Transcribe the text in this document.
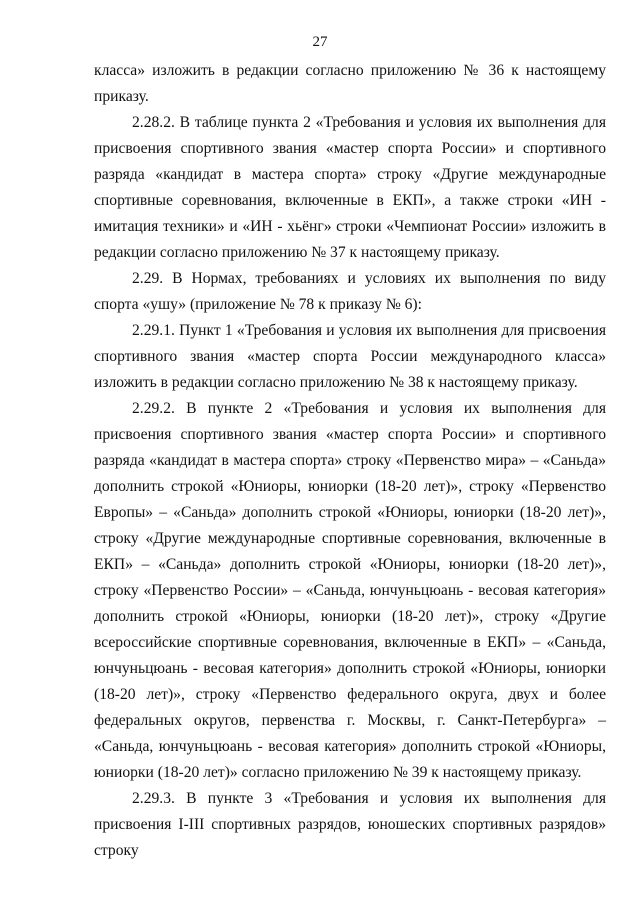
27

класса» изложить в редакции согласно приложению № 36 к настоящему приказу.

2.28.2. В таблице пункта 2 «Требования и условия их выполнения для присвоения спортивного звания «мастер спорта России» и спортивного разряда «кандидат в мастера спорта» строку «Другие международные спортивные соревнования, включенные в ЕКП», а также строки «ИН - имитация техники» и «ИН - хьёнг» строки «Чемпионат России» изложить в редакции согласно приложению № 37 к настоящему приказу.

2.29. В Нормах, требованиях и условиях их выполнения по виду спорта «ушу» (приложение № 78 к приказу № 6):

2.29.1. Пункт 1 «Требования и условия их выполнения для присвоения спортивного звания «мастер спорта России международного класса» изложить в редакции согласно приложению № 38 к настоящему приказу.

2.29.2. В пункте 2 «Требования и условия их выполнения для присвоения спортивного звания «мастер спорта России» и спортивного разряда «кандидат в мастера спорта» строку «Первенство мира» – «Саньда» дополнить строкой «Юниоры, юниорки (18-20 лет)», строку «Первенство Европы» – «Саньда» дополнить строкой «Юниоры, юниорки (18-20 лет)», строку «Другие международные спортивные соревнования, включенные в ЕКП» – «Саньда» дополнить строкой «Юниоры, юниорки (18-20 лет)», строку «Первенство России» – «Саньда, юнчуньцюань - весовая категория» дополнить строкой «Юниоры, юниорки (18-20 лет)», строку «Другие всероссийские спортивные соревнования, включенные в ЕКП» – «Саньда, юнчуньцюань - весовая категория» дополнить строкой «Юниоры, юниорки (18-20 лет)», строку «Первенство федерального округа, двух и более федеральных округов, первенства г. Москвы, г. Санкт-Петербурга» – «Саньда, юнчуньцюань - весовая категория» дополнить строкой «Юниоры, юниорки (18-20 лет)» согласно приложению № 39 к настоящему приказу.

2.29.3. В пункте 3 «Требования и условия их выполнения для присвоения I-III спортивных разрядов, юношеских спортивных разрядов» строку
